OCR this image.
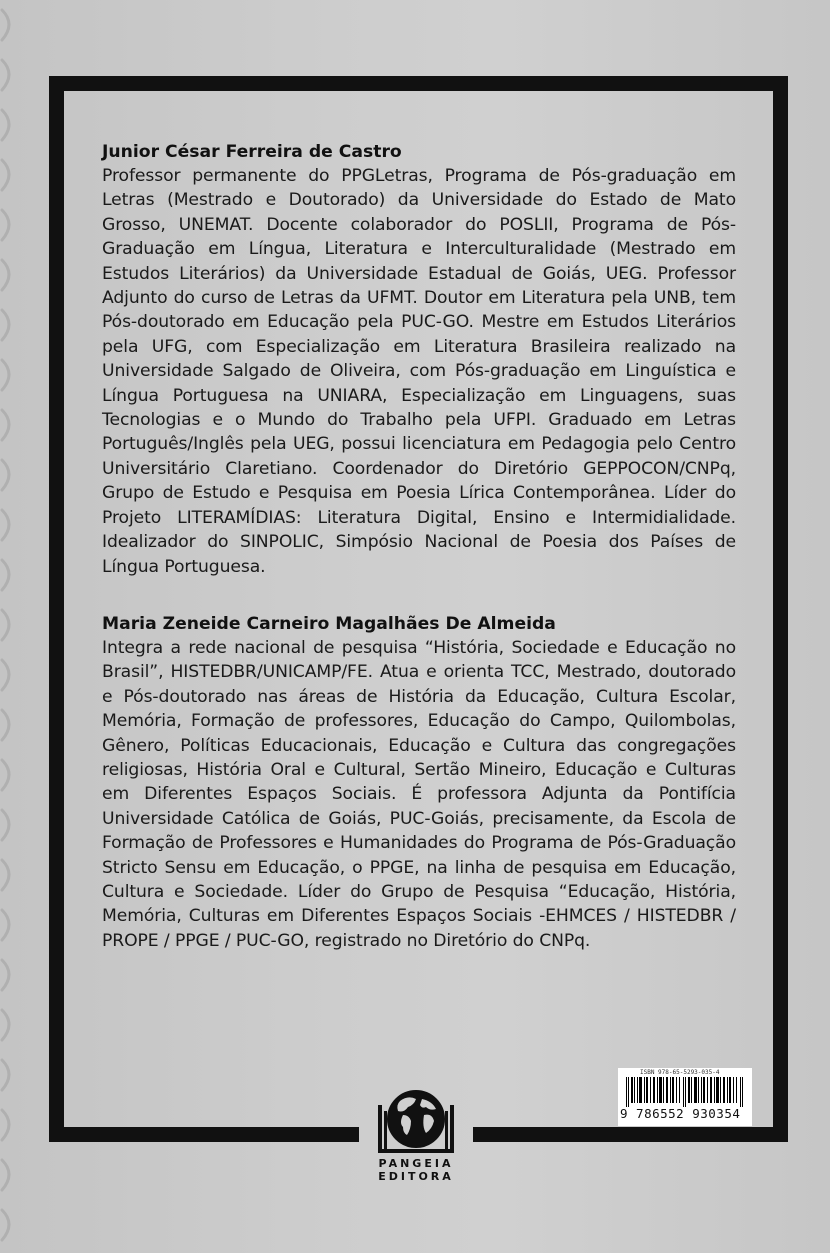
Junior César Ferreira de Castro

Professor permanente do PPGLetras, Programa de Pós-graduação em Letras (Mestrado e Doutorado) da Universidade do Estado de Mato Grosso, UNEMAT. Docente colaborador do POSLII, Programa de Pós-Graduação em Língua, Literatura e Interculturalidade (Mestrado em Estudos Literários) da Universidade Estadual de Goiás, UEG. Professor Adjunto do curso de Letras da UFMT. Doutor em Literatura pela UNB, tem Pós-doutorado em Educação pela PUC-GO. Mestre em Estudos Literários pela UFG, com Especialização em Literatura Brasileira realizado na Universidade Salgado de Oliveira, com Pós-graduação em Linguística e Língua Portuguesa na UNIARA, Especialização em Linguagens, suas Tecnologias e o Mundo do Trabalho pela UFPI. Graduado em Letras Português/Inglês pela UEG, possui licenciatura em Pedagogia pelo Centro Universitário Claretiano. Coordenador do Diretório GEPPOCON/CNPq, Grupo de Estudo e Pesquisa em Poesia Lírica Contemporânea. Líder do Projeto LITERAMÍDIAS: Literatura Digital, Ensino e Intermidialidade. Idealizador do SINPOLIC, Simpósio Nacional de Poesia dos Países de Língua Portuguesa.

Maria Zeneide Carneiro Magalhães De Almeida

Integra a rede nacional de pesquisa “História, Sociedade e Educação no Brasil”, HISTEDBR/UNICAMP/FE. Atua e orienta TCC, Mestrado, doutorado e Pós-doutorado nas áreas de História da Educação, Cultura Escolar, Memória, Formação de professores, Educação do Campo, Quilombolas, Gênero, Políticas Educacionais, Educação e Cultura das congregações religiosas, História Oral e Cultural, Sertão Mineiro, Educação e Culturas em Diferentes Espaços Sociais. É professora Adjunta da Pontifícia Universidade Católica de Goiás, PUC-Goiás, precisamente, da Escola de Formação de Professores e Humanidades do Programa de Pós-Graduação Stricto Sensu em Educação, o PPGE, na linha de pesquisa em Educação, Cultura e Sociedade. Líder do Grupo de Pesquisa “Educação, História, Memória, Culturas em Diferentes Espaços Sociais -EHMCES / HISTEDBR / PROPE / PPGE / PUC-GO, registrado no Diretório do CNPq.

ISBN 978-65-5293-035-4
9 786552 930354
PANGEIA
EDITORA
